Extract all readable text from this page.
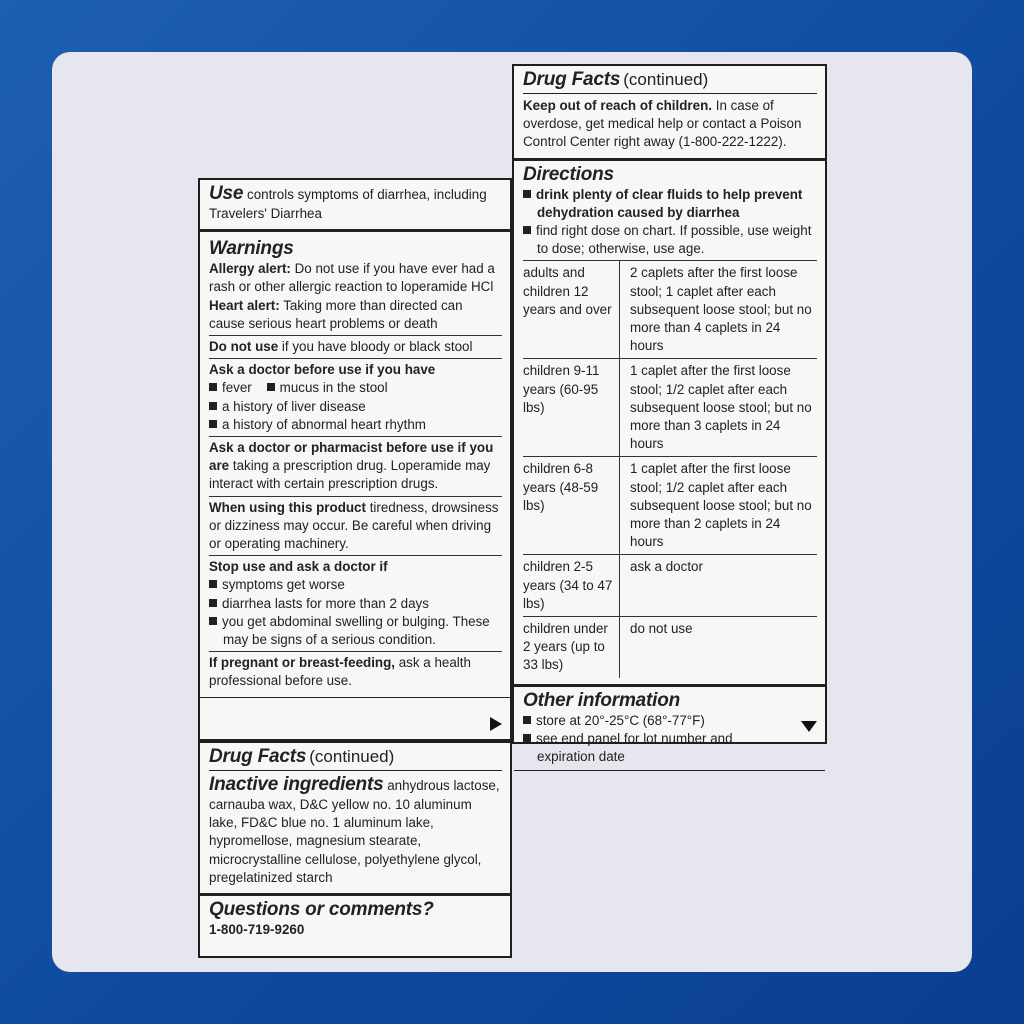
Use controls symptoms of diarrhea, including Travelers' Diarrhea
Warnings
Allergy alert: Do not use if you have ever had a rash or other allergic reaction to loperamide HCl
Heart alert: Taking more than directed can cause serious heart problems or death
Do not use if you have bloody or black stool
Ask a doctor before use if you have
fever mucus in the stool
a history of liver disease
a history of abnormal heart rhythm
Ask a doctor or pharmacist before use if you are taking a prescription drug. Loperamide may interact with certain prescription drugs.
When using this product tiredness, drowsiness or dizziness may occur. Be careful when driving or operating machinery.
Stop use and ask a doctor if
symptoms get worse
diarrhea lasts for more than 2 days
you get abdominal swelling or bulging. These may be signs of a serious condition.
If pregnant or breast-feeding, ask a health professional before use.
Drug Facts (continued)
Inactive ingredients anhydrous lactose, carnauba wax, D&C yellow no. 10 aluminum lake, FD&C blue no. 1 aluminum lake, hypromellose, magnesium stearate, microcrystalline cellulose, polyethylene glycol, pregelatinized starch
Questions or comments?
1-800-719-9260
Drug Facts (continued)
Keep out of reach of children. In case of overdose, get medical help or contact a Poison Control Center right away (1-800-222-1222).
Directions
drink plenty of clear fluids to help prevent dehydration caused by diarrhea
find right dose on chart. If possible, use weight to dose; otherwise, use age.
adults and children 12 years and over	2 caplets after the first loose stool; 1 caplet after each subsequent loose stool; but no more than 4 caplets in 24 hours
children 9-11 years (60-95 lbs)	1 caplet after the first loose stool; 1/2 caplet after each subsequent loose stool; but no more than 3 caplets in 24 hours
children 6-8 years (48-59 lbs)	1 caplet after the first loose stool; 1/2 caplet after each subsequent loose stool; but no more than 2 caplets in 24 hours
children 2-5 years (34 to 47 lbs)	ask a doctor
children under 2 years (up to 33 lbs)	do not use
Other information
store at 20°-25°C (68°-77°F)
see end panel for lot number and expiration date
